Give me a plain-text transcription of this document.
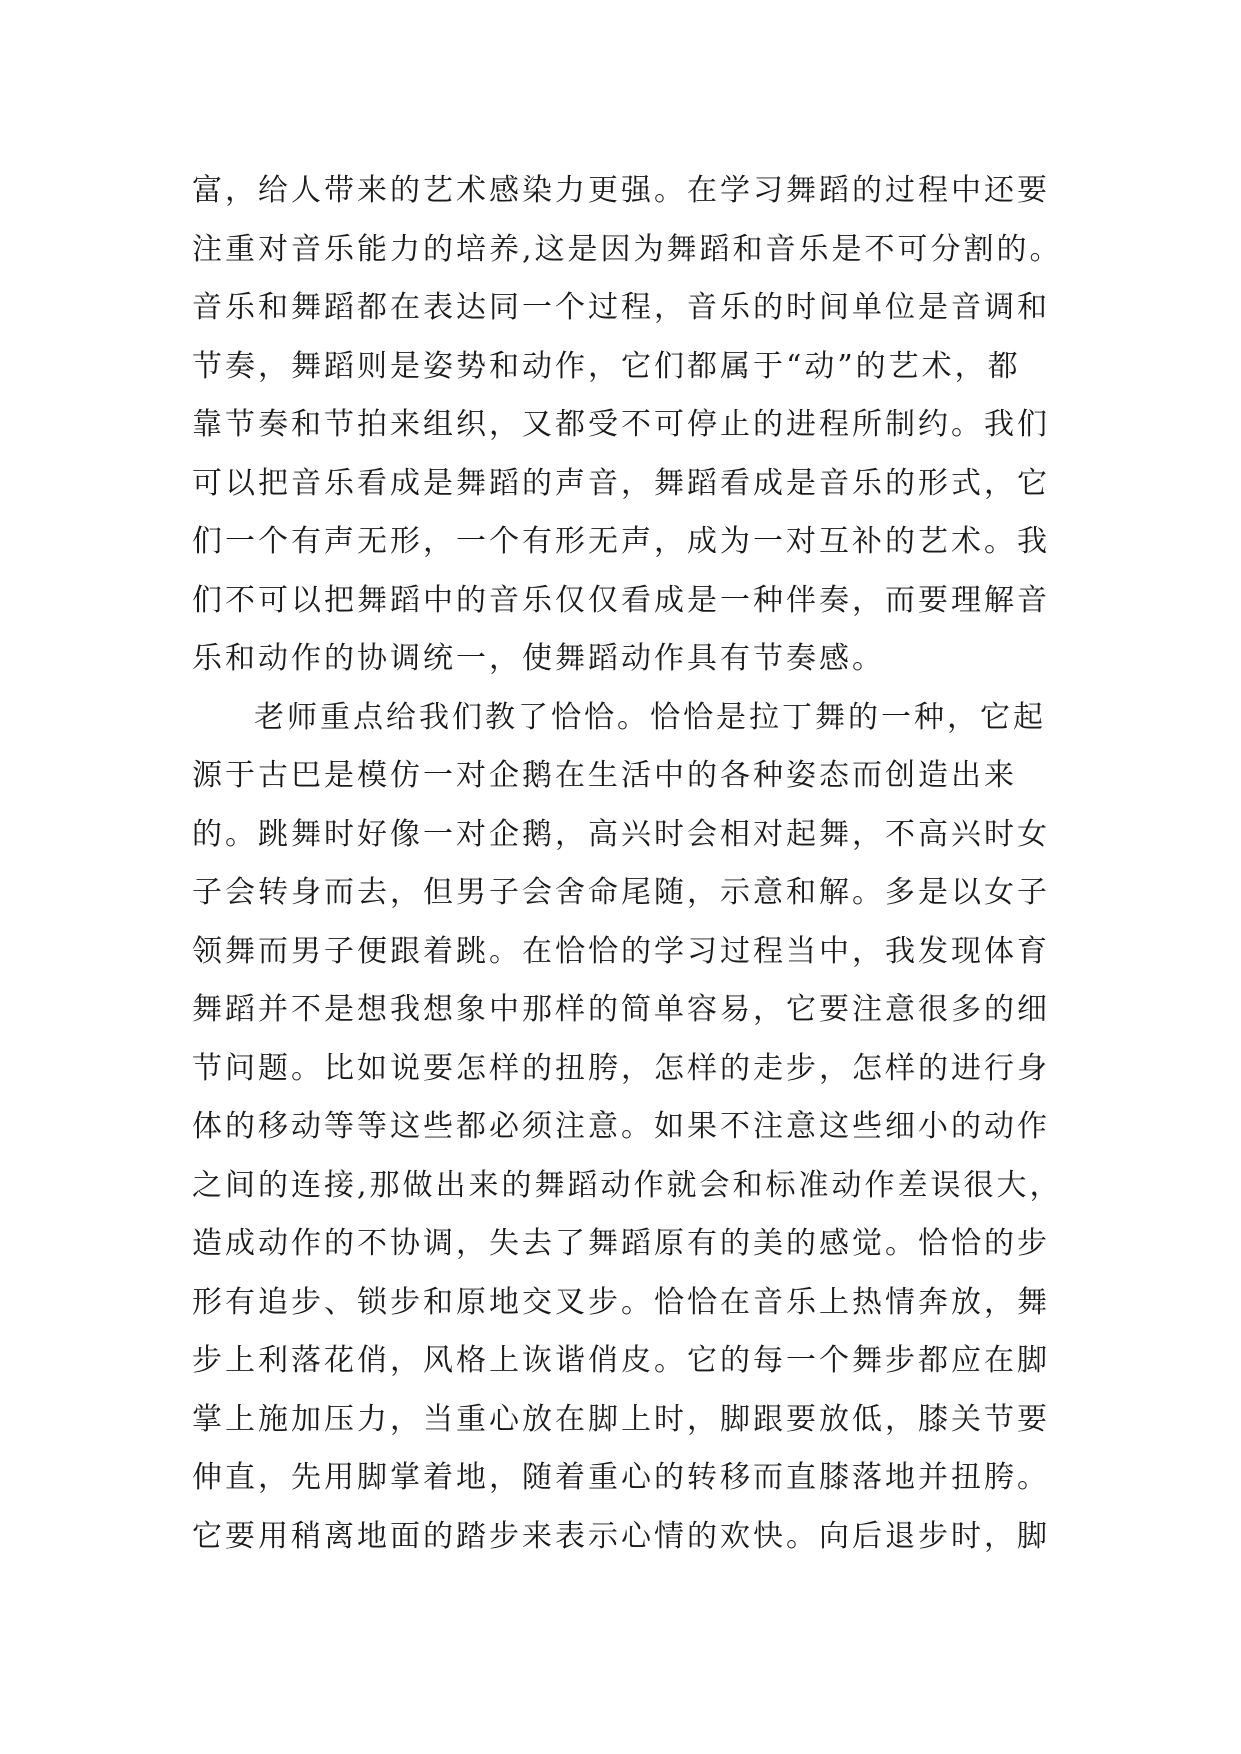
富，给人带来的艺术感染力更强。在学习舞蹈的过程中还要
注重对音乐能力的培养,这是因为舞蹈和音乐是不可分割的。
音乐和舞蹈都在表达同一个过程，音乐的时间单位是音调和
节奏，舞蹈则是姿势和动作，它们都属于“动”的艺术，都
靠节奏和节拍来组织，又都受不可停止的进程所制约。我们
可以把音乐看成是舞蹈的声音，舞蹈看成是音乐的形式，它
们一个有声无形，一个有形无声，成为一对互补的艺术。我
们不可以把舞蹈中的音乐仅仅看成是一种伴奏，而要理解音
乐和动作的协调统一，使舞蹈动作具有节奏感。
老师重点给我们教了恰恰。恰恰是拉丁舞的一种，它起
源于古巴是模仿一对企鹅在生活中的各种姿态而创造出来
的。跳舞时好像一对企鹅，高兴时会相对起舞，不高兴时女
子会转身而去，但男子会舍命尾随，示意和解。多是以女子
领舞而男子便跟着跳。在恰恰的学习过程当中，我发现体育
舞蹈并不是想我想象中那样的简单容易，它要注意很多的细
节问题。比如说要怎样的扭胯，怎样的走步，怎样的进行身
体的移动等等这些都必须注意。如果不注意这些细小的动作
之间的连接,那做出来的舞蹈动作就会和标准动作差误很大，
造成动作的不协调，失去了舞蹈原有的美的感觉。恰恰的步
形有追步、锁步和原地交叉步。恰恰在音乐上热情奔放，舞
步上利落花俏，风格上诙谐俏皮。它的每一个舞步都应在脚
掌上施加压力，当重心放在脚上时，脚跟要放低，膝关节要
伸直，先用脚掌着地，随着重心的转移而直膝落地并扭胯。
它要用稍离地面的踏步来表示心情的欢快。向后退步时，脚
